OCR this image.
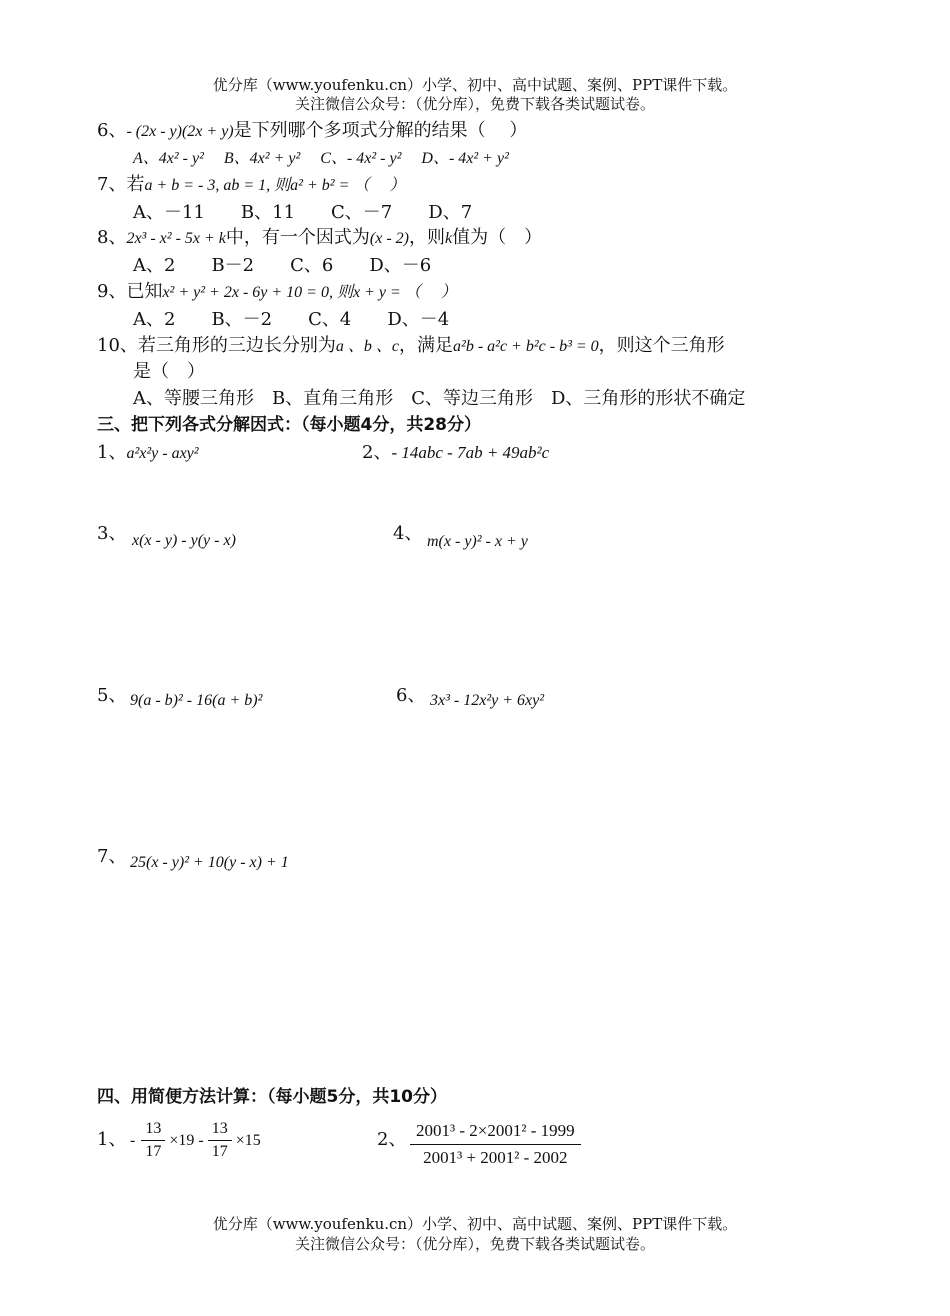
优分库（www.youfenku.cn）小学、初中、高中试题、案例、PPT课件下载。
关注微信公众号：（优分库），免费下载各类试题试卷。
6、- (2x - y)(2x + y)是下列哪个多项式分解的结果（　 ）
A、4x² - y²　 B、4x² + y²　 C、- 4x² - y²　 D、- 4x² + y²
7、若a + b = - 3, ab = 1, 则a² + b² = （　 ）
A、－11　　B、11　　C、－7　　D、7
8、2x³ - x² - 5x + k中，有一个因式为(x - 2)，则k值为（　）
A、2　　B－2　　C、6　　D、－6
9、已知x² + y² + 2x - 6y + 10 = 0, 则x + y = （　 ）
A、2　　B、－2　　C、4　　D、－4
10、若三角形的三边长分别为a 、b 、c，满足a²b - a²c + b²c - b³ = 0，则这个三角形
是（　）
A、等腰三角形　B、直角三角形　C、等边三角形　D、三角形的形状不确定
三、把下列各式分解因式：（每小题4分，共28分）
1、a²x²y - axy²	2、- 14abc - 7ab + 49ab²c
3、 x(x - y) - y(y - x)	4、 m(x - y)² - x + y
5、 9(a - b)² - 16(a + b)²	6、 3x³ - 12x²y + 6xy²
7、 25(x - y)² + 10(y - x) + 1
四、用简便方法计算：（每小题5分，共10分）
1、 - $\frac{13}{17} \times 19 - \frac{13}{17} \times 15$	2、 $\frac{\text{2001³ - 2×2001² - 1999}}{\text{2001³ + 2001² - 2002}}$
优分库（www.youfenku.cn）小学、初中、高中试题、案例、PPT课件下载。
关注微信公众号：（优分库），免费下载各类试题试卷。
